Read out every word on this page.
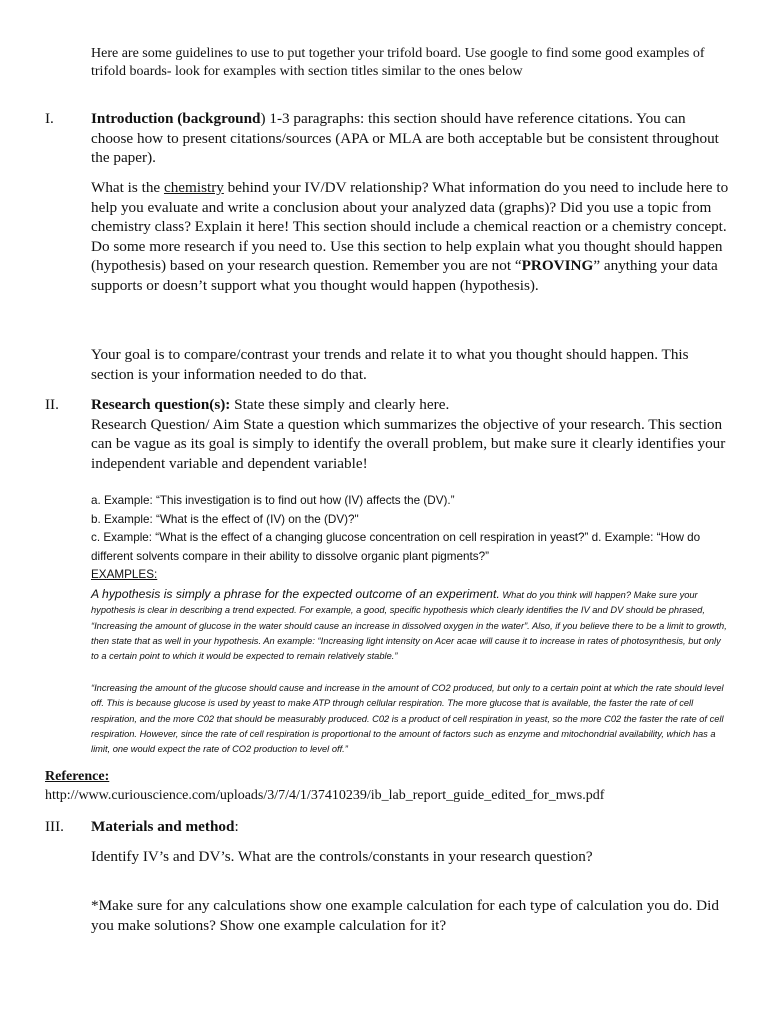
Here are some guidelines to use to put together your trifold board. Use google to find some good examples of trifold boards- look for examples with section titles similar to the ones below
I. Introduction (background) 1-3 paragraphs: this section should have reference citations. You can choose how to present citations/sources (APA or MLA are both acceptable but be consistent throughout the paper).
What is the chemistry behind your IV/DV relationship? What information do you need to include here to help you evaluate and write a conclusion about your analyzed data (graphs)? Did you use a topic from chemistry class? Explain it here! This section should include a chemical reaction or a chemistry concept. Do some more research if you need to. Use this section to help explain what you thought should happen (hypothesis) based on your research question. Remember you are not “PROVING” anything your data supports or doesn’t support what you thought would happen (hypothesis).
Your goal is to compare/contrast your trends and relate it to what you thought should happen. This section is your information needed to do that.
II. Research question(s): State these simply and clearly here.
Research Question/ Aim State a question which summarizes the objective of your research. This section can be vague as its goal is simply to identify the overall problem, but make sure it clearly identifies your independent variable and dependent variable!
a. Example: “This investigation is to find out how (IV) affects the (DV).”
b. Example: “What is the effect of (IV) on the (DV)?"
c. Example: “What is the effect of a changing glucose concentration on cell respiration in yeast?” d. Example: “How do different solvents compare in their ability to dissolve organic plant pigments?”
EXAMPLES:
A hypothesis is simply a phrase for the expected outcome of an experiment. What do you think will happen? Make sure your hypothesis is clear in describing a trend expected. For example, a good, specific hypothesis which clearly identifies the IV and DV should be phrased, “Increasing the amount of glucose in the water should cause an increase in dissolved oxygen in the water”. Also, if you believe there to be a limit to growth, then state that as well in your hypothesis. An example: “Increasing light intensity on Acer acae will cause it to increase in rates of photosynthesis, but only to a certain point to which it would be expected to remain relatively stable.”
“Increasing the amount of the glucose should cause and increase in the amount of CO2 produced, but only to a certain point at which the rate should level off. This is because glucose is used by yeast to make ATP through cellular respiration. The more glucose that is available, the faster the rate of cell respiration, and the more C02 that should be measurably produced. C02 is a product of cell respiration in yeast, so the more C02 the faster the rate of cell respiration. However, since the rate of cell respiration is proportional to the amount of factors such as enzyme and mitochondrial availability, which has a limit, one would expect the rate of CO2 production to level off.”
Reference:
http://www.curiouscience.com/uploads/3/7/4/1/37410239/ib_lab_report_guide_edited_for_mws.pdf
III. Materials and method:
Identify IV’s and DV’s. What are the controls/constants in your research question?
*Make sure for any calculations show one example calculation for each type of calculation you do. Did you make solutions? Show one example calculation for it?
